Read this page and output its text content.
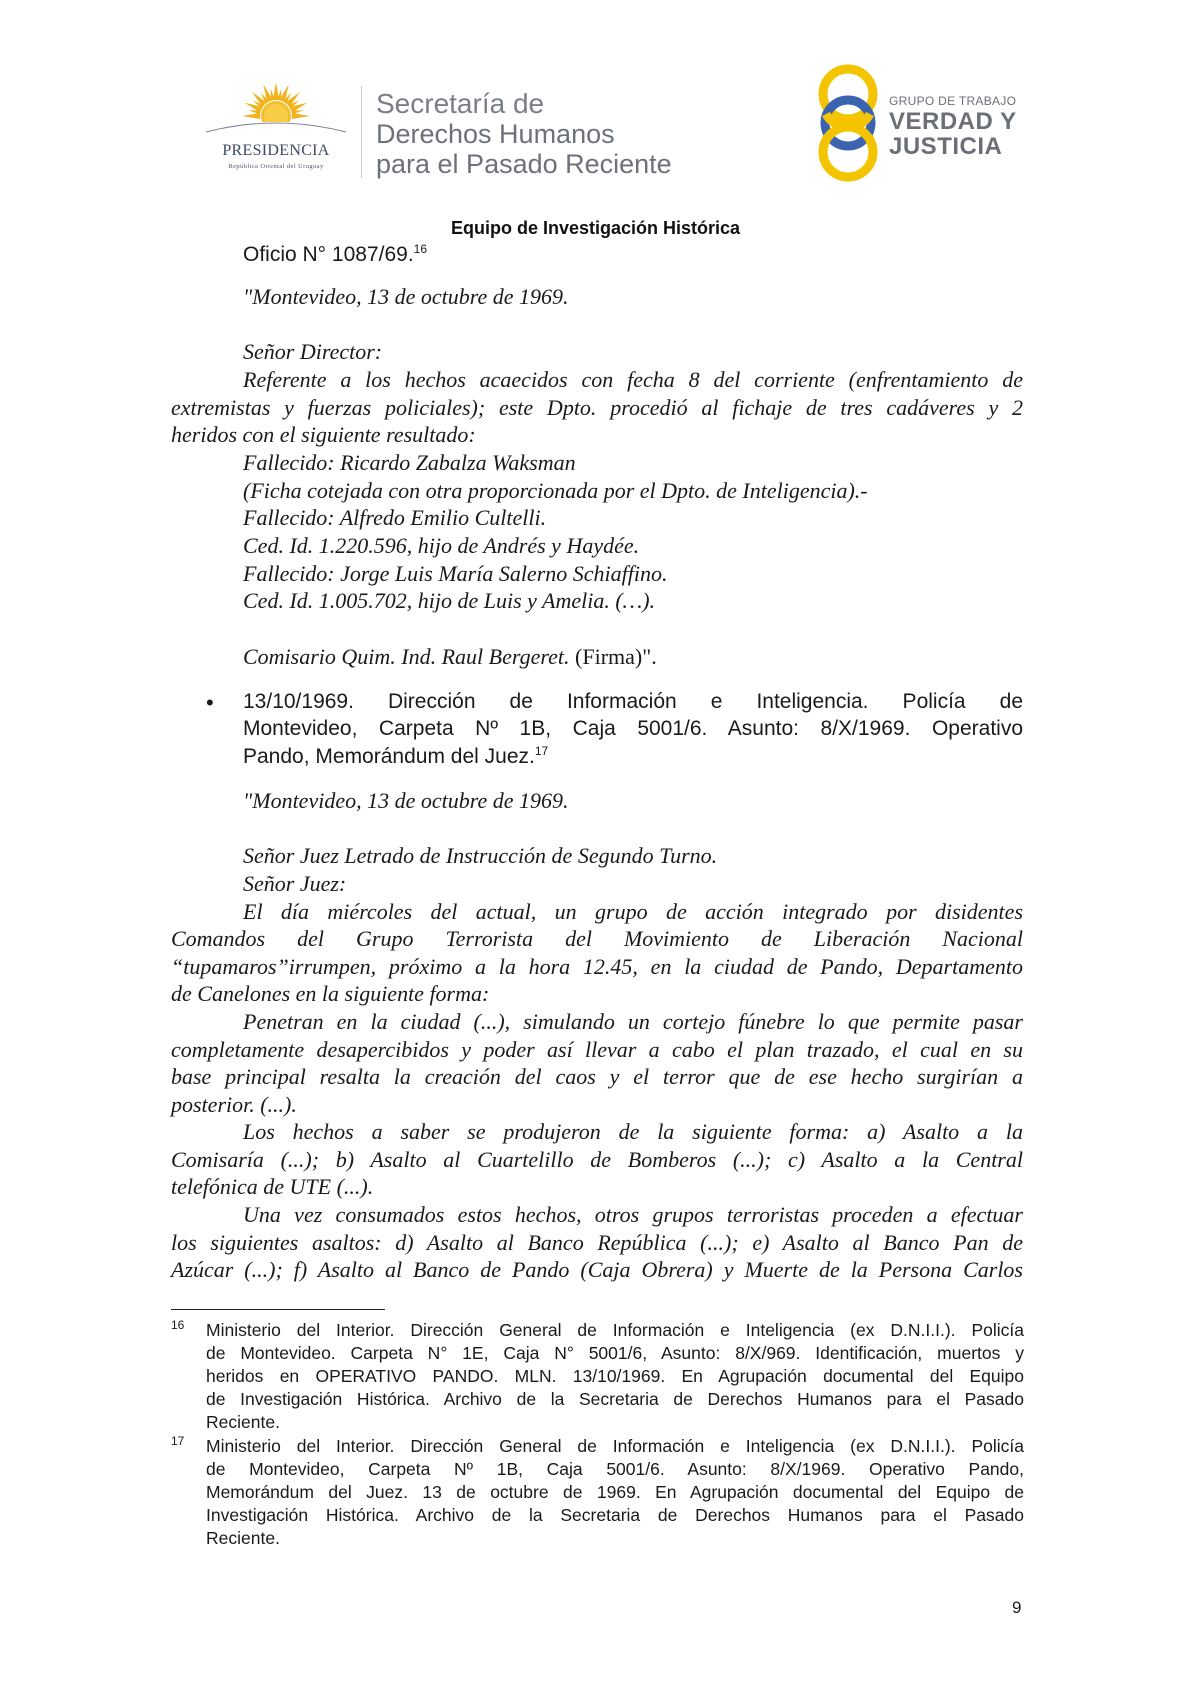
PRESIDENCIA
República Oriental del Uruguay
Secretaría de
Derechos Humanos
para el Pasado Reciente
GRUPO DE TRABAJO
VERDAD Y
JUSTICIA
Equipo de Investigación Histórica
Oficio N° 1087/69.16
"Montevideo, 13 de octubre de 1969.
Señor Director:
Referente a los hechos acaecidos con fecha 8 del corriente (enfrentamiento de
extremistas y fuerzas policiales); este Dpto. procedió al fichaje de tres cadáveres y 2
heridos con el siguiente resultado:
Fallecido: Ricardo Zabalza Waksman
(Ficha cotejada con otra proporcionada por el Dpto. de Inteligencia).-
Fallecido: Alfredo Emilio Cultelli.
Ced. Id. 1.220.596, hijo de Andrés y Haydée.
Fallecido: Jorge Luis María Salerno Schiaffino.
Ced. Id. 1.005.702, hijo de Luis y Amelia. (…).
Comisario Quim. Ind. Raul Bergeret. (Firma)".
• 13/10/1969. Dirección de Información e Inteligencia. Policía de
Montevideo, Carpeta Nº 1B, Caja 5001/6. Asunto: 8/X/1969. Operativo
Pando, Memorándum del Juez.$^{17}$
"Montevideo, 13 de octubre de 1969.
Señor Juez Letrado de Instrucción de Segundo Turno.
Señor Juez:
El día miércoles del actual, un grupo de acción integrado por disidentes
Comandos del Grupo Terrorista del Movimiento de Liberación Nacional
“tupamaros”irrumpen, próximo a la hora 12.45, en la ciudad de Pando, Departamento
de Canelones en la siguiente forma:
Penetran en la ciudad (...), simulando un cortejo fúnebre lo que permite pasar
completamente desapercibidos y poder así llevar a cabo el plan trazado, el cual en su
base principal resalta la creación del caos y el terror que de ese hecho surgirían a
posterior. (...).
Los hechos a saber se produjeron de la siguiente forma: a) Asalto a la
Comisaría (...); b) Asalto al Cuartelillo de Bomberos (...); c) Asalto a la Central
telefónica de UTE (...).
Una vez consumados estos hechos, otros grupos terroristas proceden a efectuar
los siguientes asaltos: d) Asalto al Banco República (...); e) Asalto al Banco Pan de
Azúcar (...); f) Asalto al Banco de Pando (Caja Obrera) y Muerte de la Persona Carlos
16 Ministerio del Interior. Dirección General de Información e Inteligencia (ex D.N.I.I.). Policía
de Montevideo. Carpeta N° 1E, Caja N° 5001/6, Asunto: 8/X/969. Identificación, muertos y
heridos en OPERATIVO PANDO. MLN. 13/10/1969. En Agrupación documental del Equipo
de Investigación Histórica. Archivo de la Secretaria de Derechos Humanos para el Pasado
Reciente.
17 Ministerio del Interior. Dirección General de Información e Inteligencia (ex D.N.I.I.). Policía
de Montevideo, Carpeta Nº 1B, Caja 5001/6. Asunto: 8/X/1969. Operativo Pando,
Memorándum del Juez. 13 de octubre de 1969. En Agrupación documental del Equipo de
Investigación Histórica. Archivo de la Secretaria de Derechos Humanos para el Pasado
Reciente.
9
